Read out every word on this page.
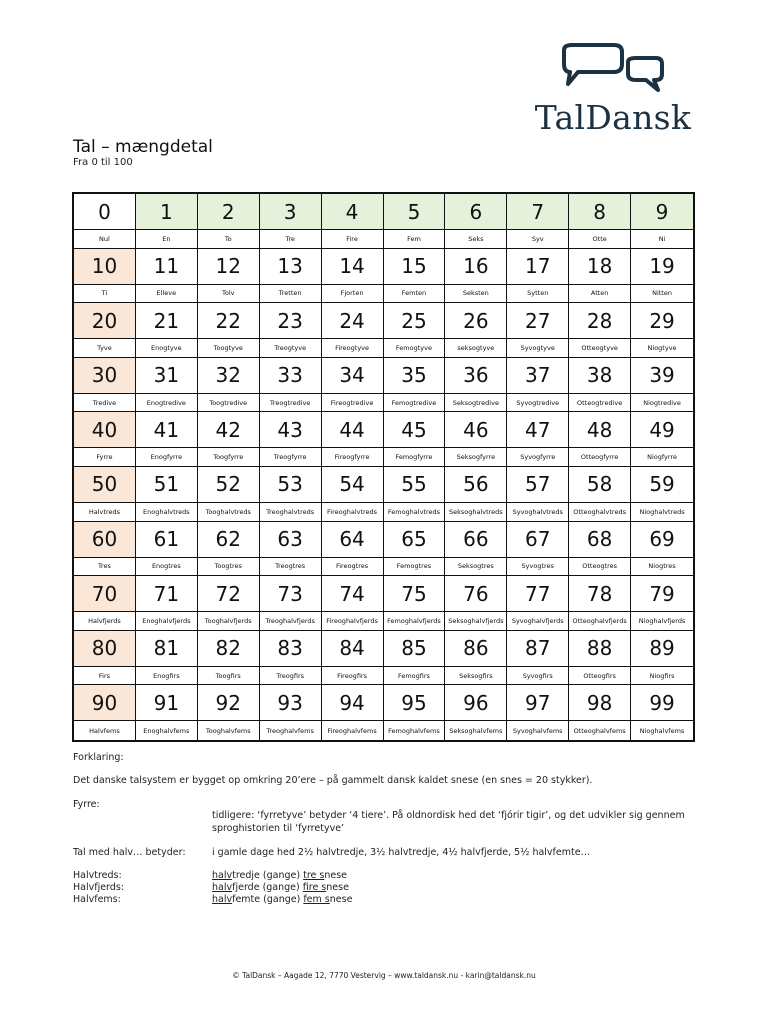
TalDansk
Tal – mængdetal
Fra 0 til 100
0	1	2	3	4	5	6	7	8	9
Nul	En	To	Tre	Fire	Fem	Seks	Syv	Otte	Ni
10	11	12	13	14	15	16	17	18	19
Ti	Elleve	Tolv	Tretten	Fjorten	Femten	Seksten	Sytten	Atten	Nitten
20	21	22	23	24	25	26	27	28	29
Tyve	Enogtyve	Toogtyve	Treogtyve	Fireogtyve	Femogtyve	seksogtyve	Syvogtyve	Otteogtyve	Niogtyve
30	31	32	33	34	35	36	37	38	39
Tredive	Enogtredive	Toogtredive	Treogtredive	Fireogtredive	Femogtredive	Seksogtredive	Syvogtredive	Otteogtredive	Niogtredive
40	41	42	43	44	45	46	47	48	49
Fyrre	Enogfyrre	Toogfyrre	Treogfyrre	Fireogfyrre	Femogfyrre	Seksogfyrre	Syvogfyrre	Otteogfyrre	Niogfyrre
50	51	52	53	54	55	56	57	58	59
Halvtreds	Enoghalvtreds	Tooghalvtreds	Treoghalvtreds	Fireoghalvtreds	Femoghalvtreds	Seksoghalvtreds	Syvoghalvtreds	Otteoghalvtreds	Nioghalvtreds
60	61	62	63	64	65	66	67	68	69
Tres	Enogtres	Toogtres	Treogtres	Fireogtres	Femogtres	Seksogtres	Syvogtres	Otteogtres	Niogtres
70	71	72	73	74	75	76	77	78	79
Halvfjerds	Enoghalvfjerds	Tooghalvfjerds	Treoghalvfjerds	Fireoghalvfjerds	Femoghalvfjerds	Seksoghalvfjerds	Syvoghalvfjerds	Otteoghalvfjerds	Nioghalvfjerds
80	81	82	83	84	85	86	87	88	89
Firs	Enogfirs	Toogfirs	Treogfirs	Fireogfirs	Femogfirs	Seksogfirs	Syvogfirs	Otteogfirs	Niogfirs
90	91	92	93	94	95	96	97	98	99
Halvfems	Enoghalvfems	Tooghalvfems	Treoghalvfems	Fireoghalvfems	Femoghalvfems	Seksoghalvfems	Syvoghalvfems	Otteoghalvfems	Nioghalvfems
Forklaring:
Det danske talsystem er bygget op omkring 20’ere – på gammelt dansk kaldet snese (en snes = 20 stykker).
Fyrre:
tidligere: ‘fyrretyve’ betyder ‘4 tiere’. På oldnordisk hed det ‘fjórir tigir’, og det udvikler sig gennem
sproghistorien til ‘fyrretyve’
Tal med halv… betyder:	i gamle dage hed 2½ halvtredje, 3½ halvtredje, 4½ halvfjerde, 5½ halvfemte…
Halvtreds:	halvtredje (gange) tre snese
Halvfjerds:	halvfjerde (gange) fire snese
Halvfems:	halvfemte (gange) fem snese
© TalDansk – Aagade 12, 7770 Vestervig – www.taldansk.nu - karin@taldansk.nu
